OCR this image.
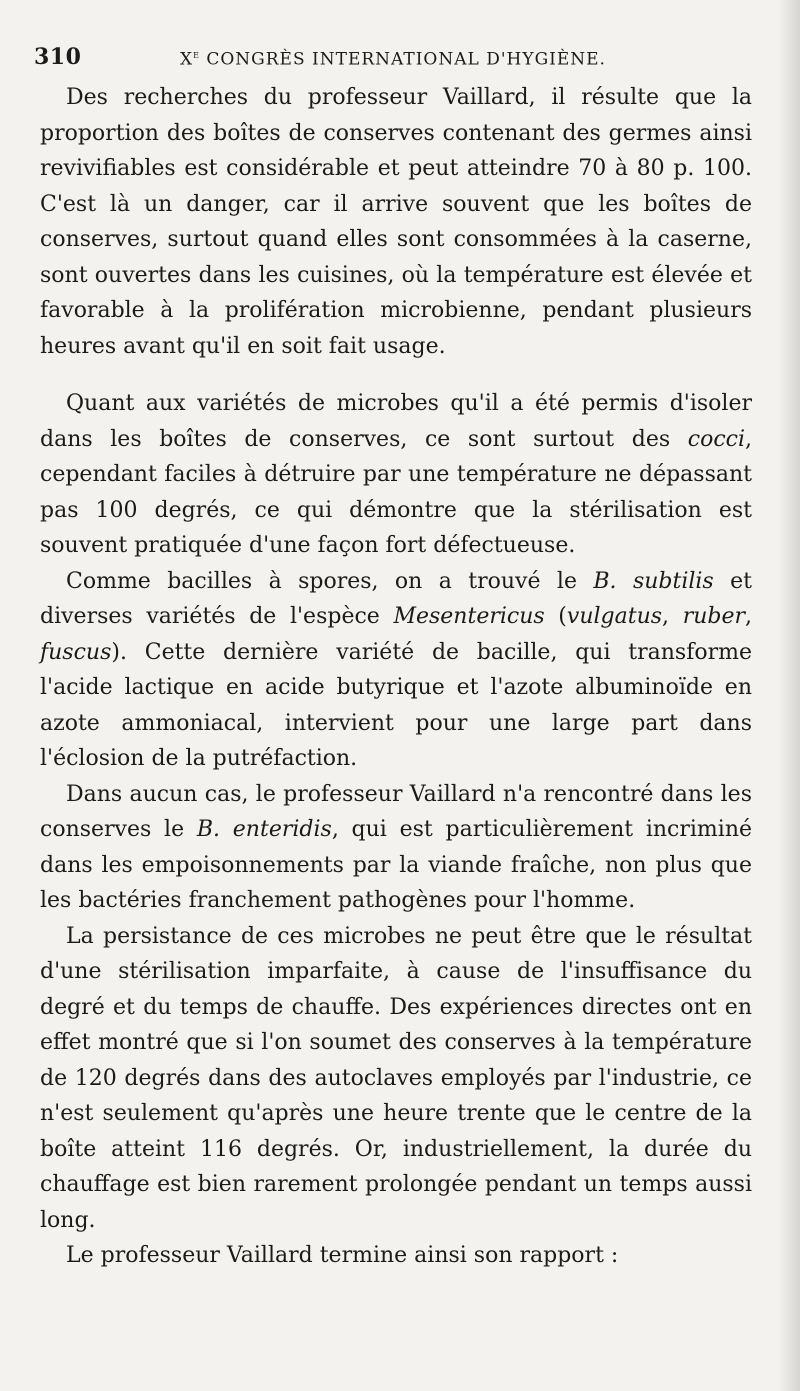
310	Xe CONGRÈS INTERNATIONAL D'HYGIÈNE.

Des recherches du professeur Vaillard, il résulte que la proportion des boîtes de conserves contenant des germes ainsi revivifiables est considérable et peut atteindre 70 à 80 p. 100. C'est là un danger, car il arrive souvent que les boîtes de conserves, surtout quand elles sont consommées à la caserne, sont ouvertes dans les cuisines, où la température est élevée et favorable à la prolifération microbienne, pendant plusieurs heures avant qu'il en soit fait usage.

Quant aux variétés de microbes qu'il a été permis d'isoler dans les boîtes de conserves, ce sont surtout des cocci, cependant faciles à détruire par une température ne dépassant pas 100 degrés, ce qui démontre que la stérilisation est souvent pratiquée d'une façon fort défectueuse.

Comme bacilles à spores, on a trouvé le B. subtilis et diverses variétés de l'espèce Mesentericus (vulgatus, ruber, fuscus). Cette dernière variété de bacille, qui transforme l'acide lactique en acide butyrique et l'azote albuminoïde en azote ammoniacal, intervient pour une large part dans l'éclosion de la putréfaction.

Dans aucun cas, le professeur Vaillard n'a rencontré dans les conserves le B. enteridis, qui est particulièrement incriminé dans les empoisonnements par la viande fraîche, non plus que les bactéries franchement pathogènes pour l'homme.

La persistance de ces microbes ne peut être que le résultat d'une stérilisation imparfaite, à cause de l'insuffisance du degré et du temps de chauffe. Des expériences directes ont en effet montré que si l'on soumet des conserves à la température de 120 degrés dans des autoclaves employés par l'industrie, ce n'est seulement qu'après une heure trente que le centre de la boîte atteint 116 degrés. Or, industriellement, la durée du chauffage est bien rarement prolongée pendant un temps aussi long.

Le professeur Vaillard termine ainsi son rapport :
